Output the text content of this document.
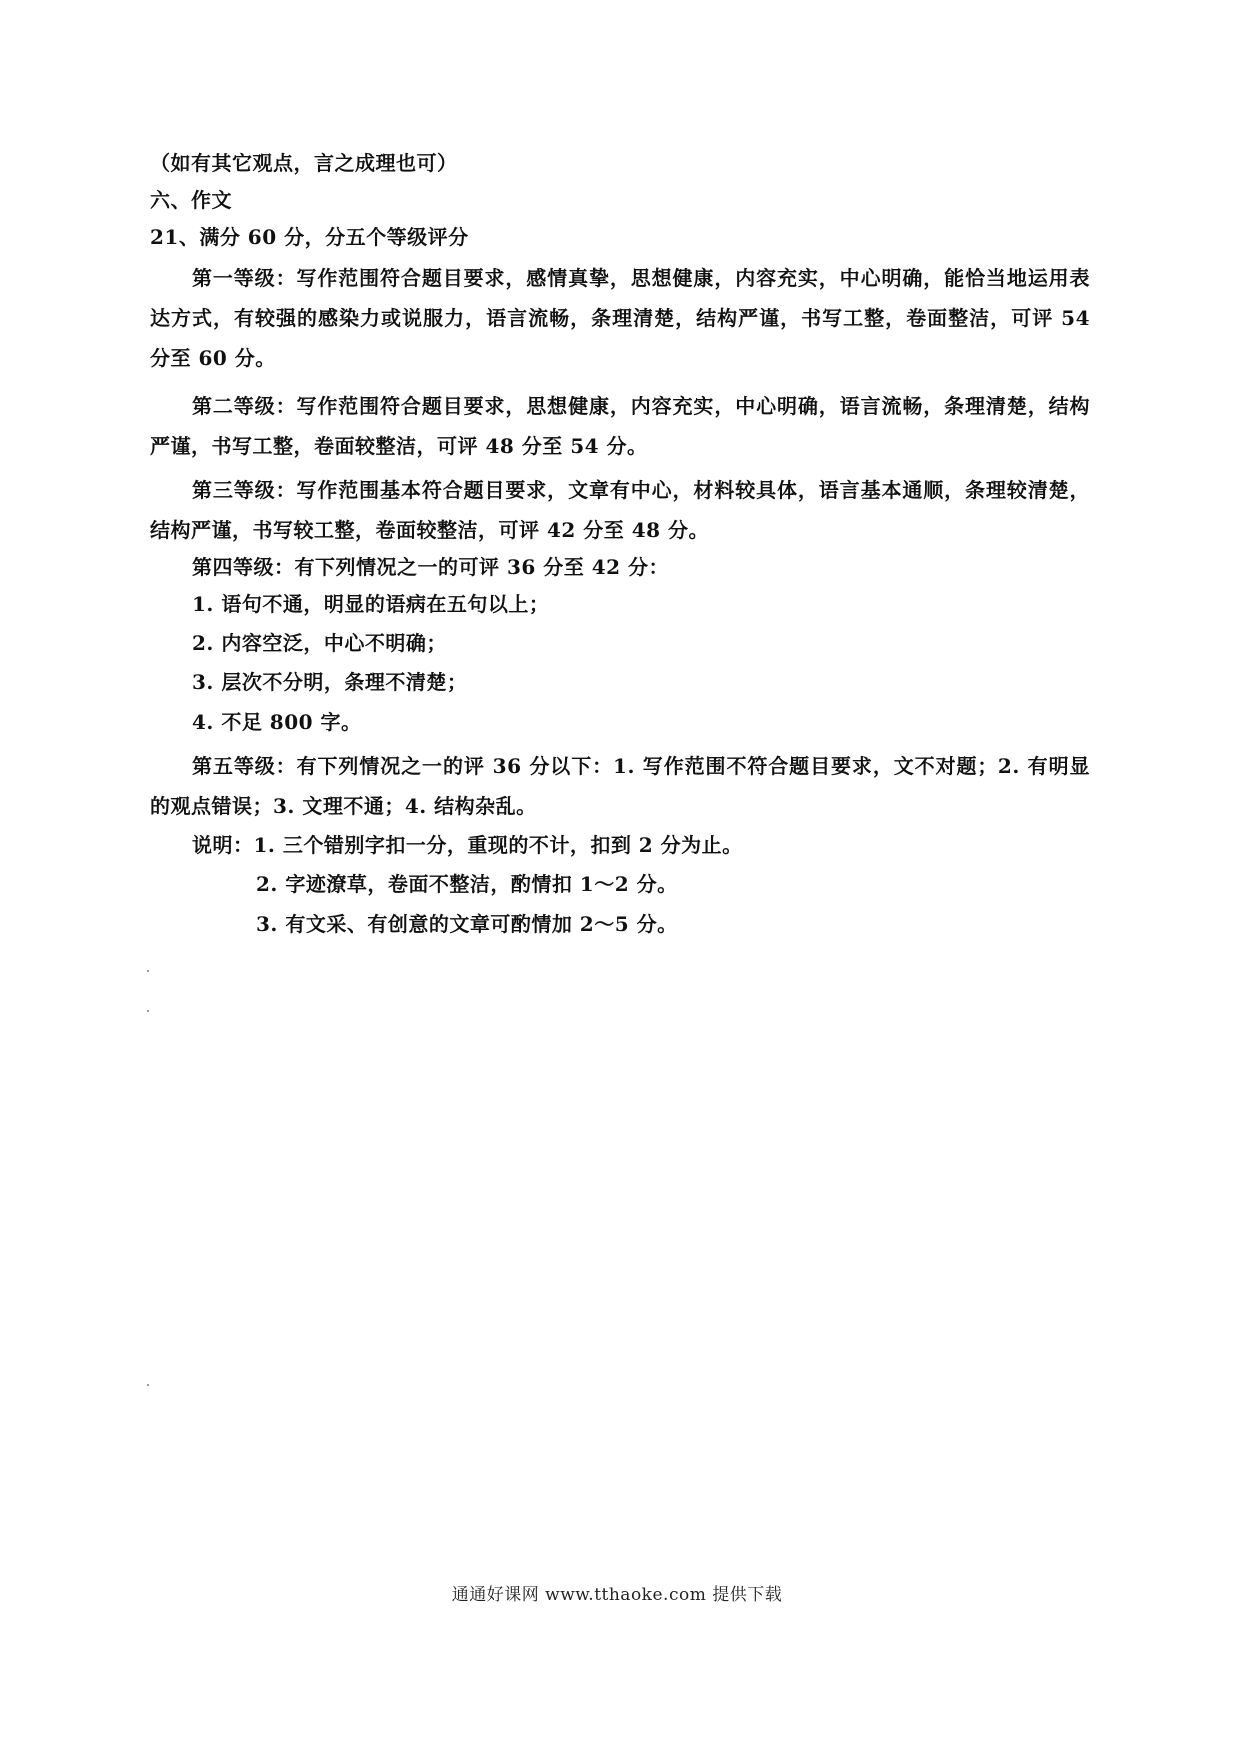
（如有其它观点，言之成理也可）
六、作文
21、满分 60 分，分五个等级评分
第一等级：写作范围符合题目要求，感情真挚，思想健康，内容充实，中心明确，能恰当地运用表达方式，有较强的感染力或说服力，语言流畅，条理清楚，结构严谨，书写工整，卷面整洁，可评 54 分至 60 分。
第二等级：写作范围符合题目要求，思想健康，内容充实，中心明确，语言流畅，条理清楚，结构严谨，书写工整，卷面较整洁，可评 48 分至 54 分。
第三等级：写作范围基本符合题目要求，文章有中心，材料较具体，语言基本通顺，条理较清楚，结构严谨，书写较工整，卷面较整洁，可评 42 分至 48 分。
第四等级：有下列情况之一的可评 36 分至 42 分：
1. 语句不通，明显的语病在五句以上；
2. 内容空泛，中心不明确；
3. 层次不分明，条理不清楚；
4. 不足 800 字。
第五等级：有下列情况之一的评 36 分以下：1. 写作范围不符合题目要求，文不对题；2. 有明显的观点错误；3. 文理不通；4. 结构杂乱。
说明：1. 三个错别字扣一分，重现的不计，扣到 2 分为止。
2. 字迹潦草，卷面不整洁，酌情扣 1～2 分。
3. 有文采、有创意的文章可酌情加 2～5 分。
通通好课网 www.tthaoke.com 提供下载
